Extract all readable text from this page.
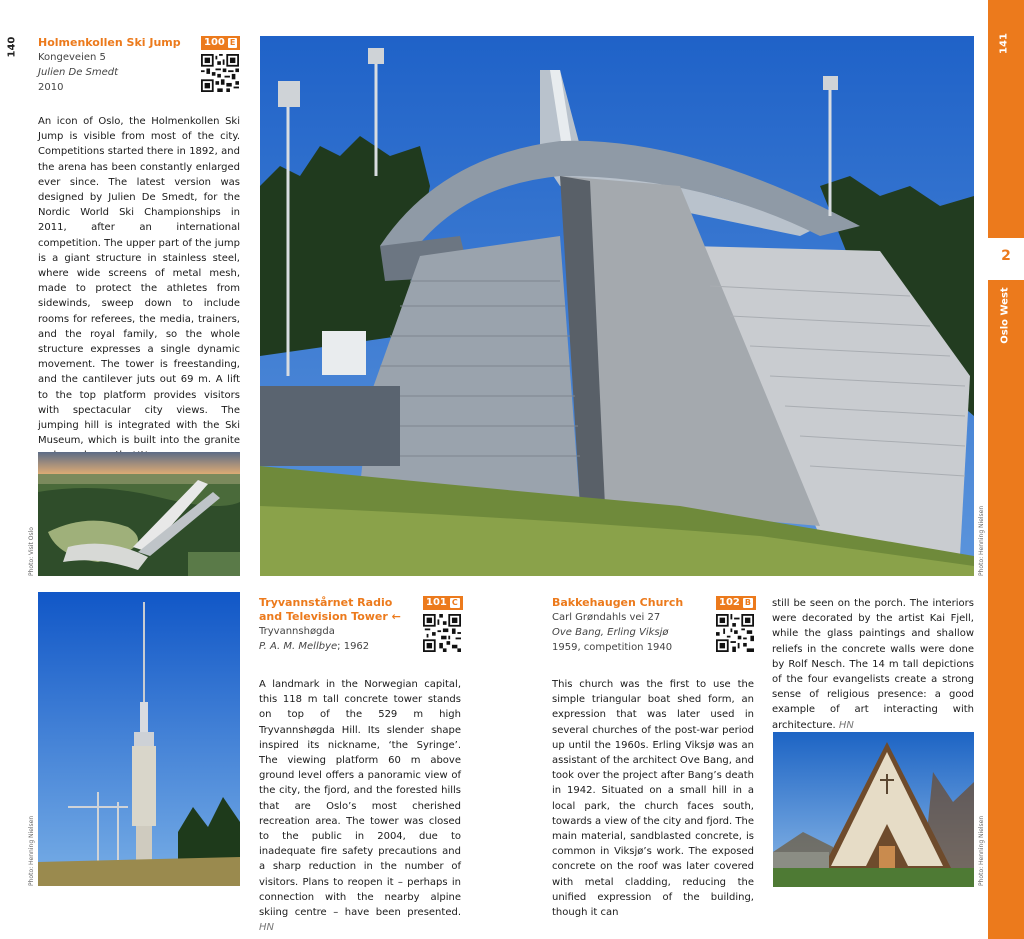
140 Holmenkollen Ski Jump
Kongeveien 5
Julien De Smedt
2010
100 E
An icon of Oslo, the Holmenkollen Ski Jump is visible from most of the city. Competitions started there in 1892, and the arena has been constantly enlarged ever since. The latest version was designed by Julien De Smedt, for the Nordic World Ski Championships in 2011, after an international competition. The upper part of the jump is a giant structure in stainless steel, where wide screens of metal mesh, made to protect the athletes from sidewinds, sweep down to include rooms for referees, the media, trainers, and the royal family, so the whole structure expresses a single dynamic movement. The tower is freestanding, and the cantilever juts out 69 m. A lift to the top platform provides visitors with spectacular city views. The jumping hill is integrated with the Ski Museum, which is built into the granite
Photo: Visit Oslo	Photo: Henning Nielsen
Photo: Henning Nielsen
Tryvannstårnet Radio and Television Tower ←
Tryvannshøgda
P. A. M. Mellbye; 1962
101 C
A landmark in the Norwegian capital, this 118 m tall concrete tower stands on top of the 529 m high Tryvannshøgda Hill. Its slender shape inspired its nickname, ‘the Syringe’. The viewing platform 60 m above ground level offers a panoramic view of the city, the fjord, and the forested hills that are Oslo’s most cherished recreation area. The tower was closed to the public in 2004, due to inadequate fire safety precautions and a sharp reduction in the number of visitors. Plans to reopen it – perhaps in connection with the nearby alpine skiing centre – have been presented. HN
Bakkehaugen Church
Carl Grøndahls vei 27
Ove Bang, Erling Viksjø
1959, competition 1940
102 B
This church was the first to use the simple triangular boat shed form, an expression that was later used in several churches of the post-war period up until the 1960s. Erling Viksjø was an assistant of the architect Ove Bang, and took over the project after Bang’s death in 1942. Situated on a small hill in a local park, the church faces south, towards a view of the city and fjord. The main material, sandblasted concrete, is common in Viksjø’s work. The exposed concrete on the roof was later covered with metal cladding, reducing the unified expression of the building, though it can
still be seen on the porch. The interiors were decorated by the artist Kai Fjell, while the glass paintings and shallow reliefs in the concrete walls were done by Rolf Nesch. The 14 m tall depictions of the four evangelists create a strong sense of religious presence: a good example of art interacting with architecture. HN
Photo: Henning Nielsen
141
2
Oslo West
